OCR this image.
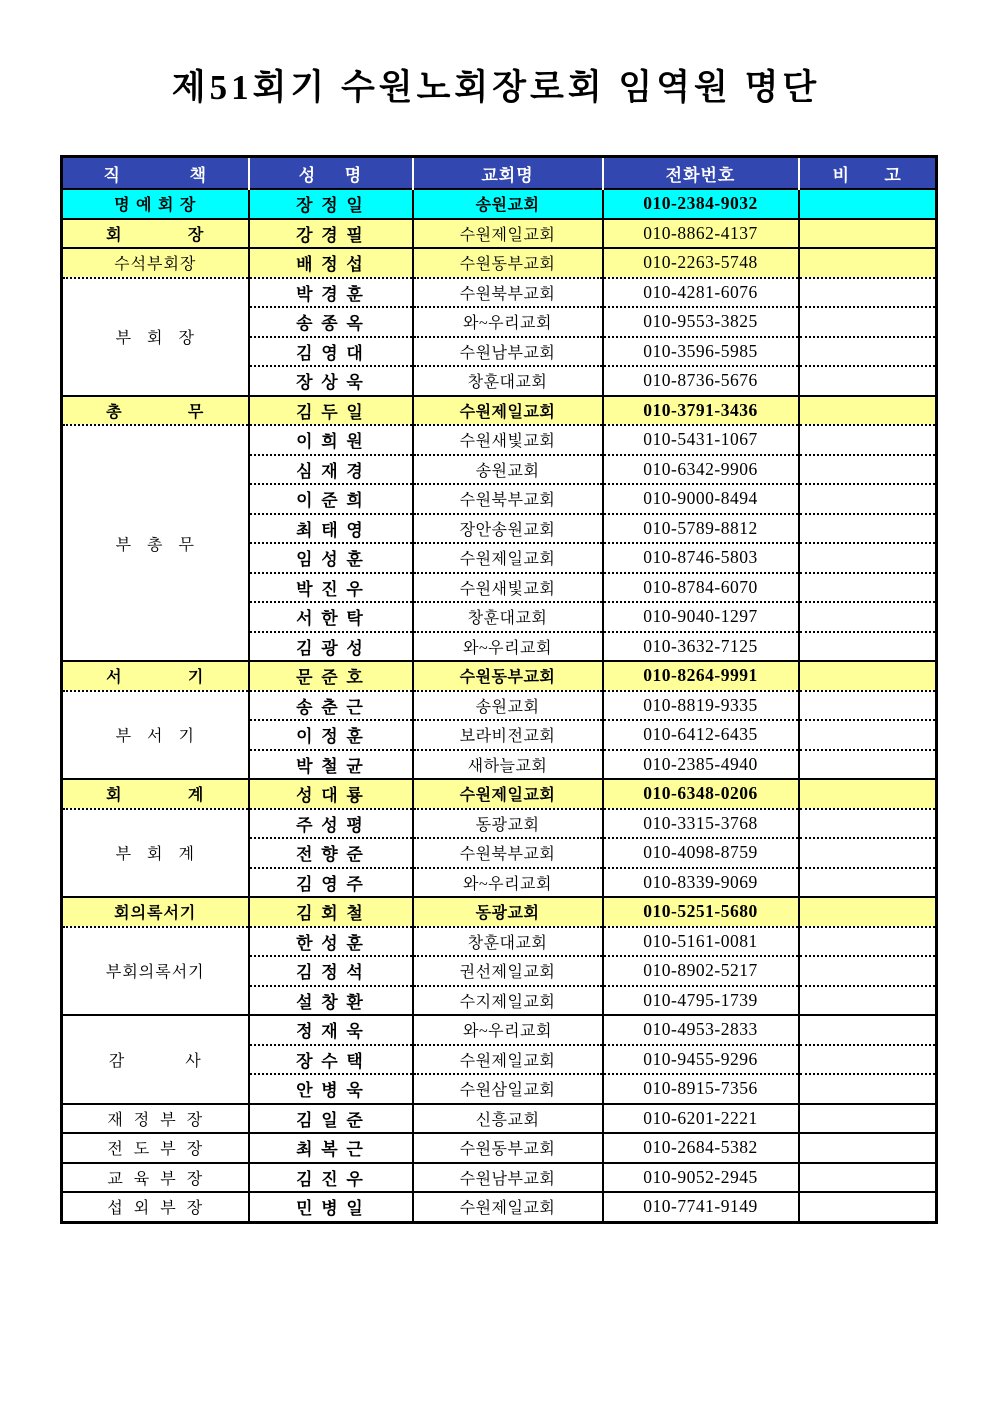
제51회기 수원노회장로회 임역원 명단
직            책	성     명	교회명	전화번호	비      고
명 예 회 장	장 정 일	송원교회	010-2384-9032	
회            장	강 경 필	수원제일교회	010-8862-4137	
수석부회장	배 정 섭	수원동부교회	010-2263-5748	
부   회   장	박 경 훈	수원북부교회	010-4281-6076	
	송 종 옥	와~우리교회	010-9553-3825	
	김 영 대	수원남부교회	010-3596-5985	
	장 상 욱	창훈대교회	010-8736-5676	
총            무	김 두 일	수원제일교회	010-3791-3436	
부   총   무	이 희 원	수원새빛교회	010-5431-1067	
	심 재 경	송원교회	010-6342-9906	
	이 준 희	수원북부교회	010-9000-8494	
	최 태 영	장안송원교회	010-5789-8812	
	임 성 훈	수원제일교회	010-8746-5803	
	박 진 우	수원새빛교회	010-8784-6070	
	서 한 탁	창훈대교회	010-9040-1297	
	김 광 성	와~우리교회	010-3632-7125	
서            기	문 준 호	수원동부교회	010-8264-9991	
부   서   기	송 춘 근	송원교회	010-8819-9335	
	이 정 훈	보라비전교회	010-6412-6435	
	박 철 균	새하늘교회	010-2385-4940	
회            계	성 대 룡	수원제일교회	010-6348-0206	
부   회   계	주 성 평	동광교회	010-3315-3768	
	전 향 준	수원북부교회	010-4098-8759	
	김 영 주	와~우리교회	010-8339-9069	
회의록서기	김 회 철	동광교회	010-5251-5680	
부회의록서기	한 성 훈	창훈대교회	010-5161-0081	
	김 정 석	권선제일교회	010-8902-5217	
	설 창 환	수지제일교회	010-4795-1739	
감            사	정 재 욱	와~우리교회	010-4953-2833	
	장 수 택	수원제일교회	010-9455-9296	
	안 병 욱	수원삼일교회	010-8915-7356	
재  정  부  장	김 일 준	신흥교회	010-6201-2221	
전  도  부  장	최 복 근	수원동부교회	010-2684-5382	
교  육  부  장	김 진 우	수원남부교회	010-9052-2945	
섭  외  부  장	민 병 일	수원제일교회	010-7741-9149	
